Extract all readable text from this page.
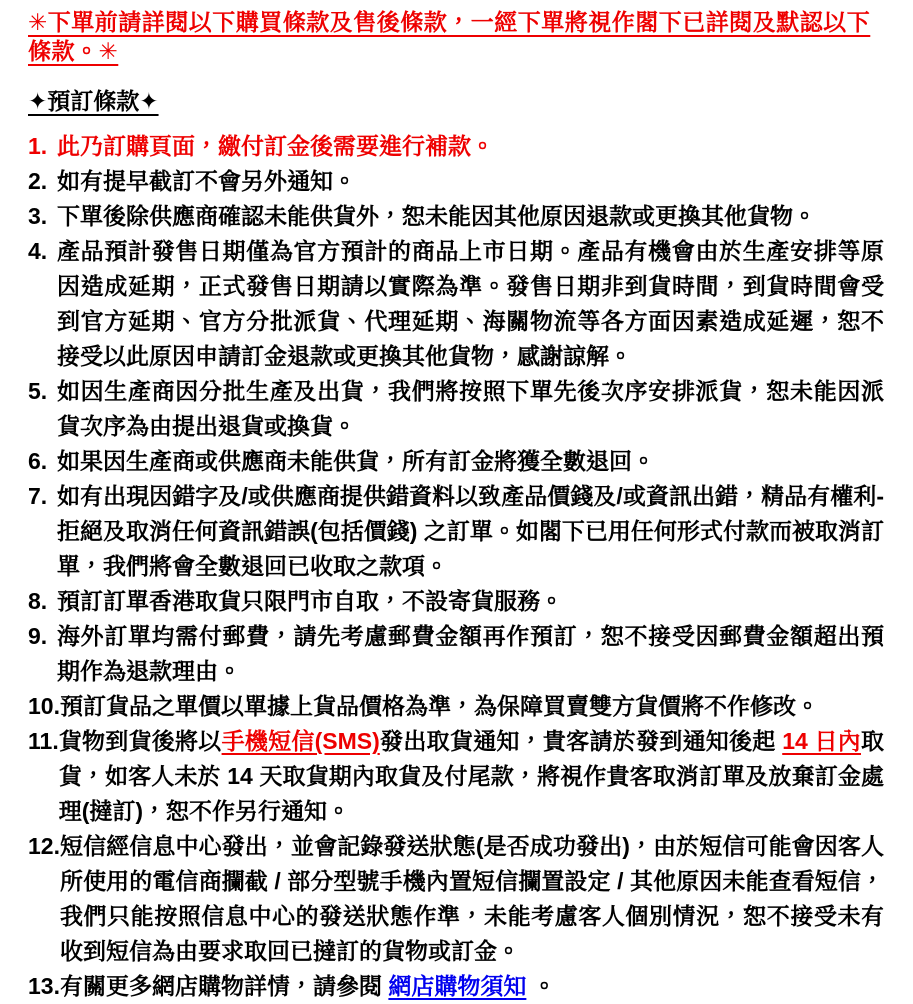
✳下單前請詳閱以下購買條款及售後條款，一經下單將視作閣下已詳閱及默認以下條款。✳
✦預訂條款✦
1. 此乃訂購頁面，繳付訂金後需要進行補款。

2. 如有提早截訂不會另外通知。

3. 下單後除供應商確認未能供貨外，恕未能因其他原因退款或更換其他貨物。

4. 產品預計發售日期僅為官方預計的商品上市日期。產品有機會由於生產安排等原因造成延期，正式發售日期請以實際為準。發售日期非到貨時間，到貨時間會受到官方延期、官方分批派貨、代理延期、海關物流等各方面因素造成延遲，恕不接受以此原因申請訂金退款或更換其他貨物，感謝諒解。

5. 如因生產商因分批生產及出貨，我們將按照下單先後次序安排派貨，恕未能因派貨次序為由提出退貨或換貨。

6. 如果因生產商或供應商未能供貨，所有訂金將獲全數退回。

7. 如有出現因錯字及/或供應商提供錯資料以致產品價錢及/或資訊出錯，精品有權利-拒絕及取消任何資訊錯誤(包括價錢) 之訂單。如閣下已用任何形式付款而被取消訂單，我們將會全數退回已收取之款項。

8. 預訂訂單香港取貨只限門市自取，不設寄貨服務。

9. 海外訂單均需付郵費，請先考慮郵費金額再作預訂，恕不接受因郵費金額超出預期作為退款理由。

10. 預訂貨品之單價以單據上貨品價格為準，為保障買賣雙方貨價將不作修改。

11. 貨物到貨後將以手機短信(SMS)發出取貨通知，貴客請於發到通知後起 14 日內取貨，如客人未於 14 天取貨期內取貨及付尾款，將視作貴客取消訂單及放棄訂金處理(撻訂)，恕不作另行通知。

12. 短信經信息中心發出，並會記錄發送狀態(是否成功發出)，由於短信可能會因客人所使用的電信商攔截 / 部分型號手機內置短信攔置設定 / 其他原因未能查看短信，我們只能按照信息中心的發送狀態作準，未能考慮客人個別情況，恕不接受未有收到短信為由要求取回已撻訂的貨物或訂金。

13. 有關更多網店購物詳情，請參閱 網店購物須知 。
